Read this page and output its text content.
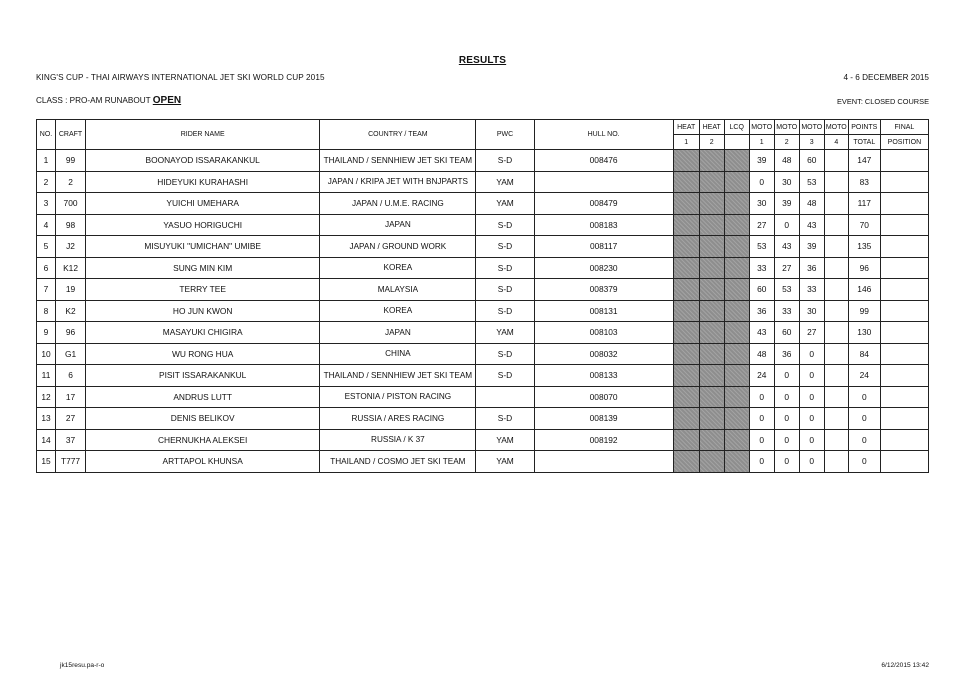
RESULTS
KING'S CUP - THAI AIRWAYS INTERNATIONAL JET SKI WORLD CUP 2015	4 - 6 DECEMBER 2015
CLASS : PRO-AM RUNABOUT OPEN	EVENT: CLOSED COURSE
NO.	CRAFT	RIDER NAME	COUNTRY / TEAM	PWC	HULL NO.	HEAT	HEAT	LCQ	MOTO	MOTO	MOTO	MOTO	POINTS	FINAL
						1	2		1	2	3	4	TOTAL	POSITION
1	99	BOONAYOD ISSARAKANKUL	THAILAND / SENNHIEW JET SKI TEAM	S-D	008476				39	48	60		147	
2	2	HIDEYUKI KURAHASHI	JAPAN / KRIPA JET WITH BNJPARTS	YAM					0	30	53		83	
3	700	YUICHI UMEHARA	JAPAN / U.M.E. RACING	YAM	008479				30	39	48		117	
4	98	YASUO HORIGUCHI	JAPAN	S-D	008183				27	0	43		70	
5	J2	MISUYUKI "UMICHAN" UMIBE	JAPAN / GROUND WORK	S-D	008117				53	43	39		135	
6	K12	SUNG MIN KIM	KOREA	S-D	008230				33	27	36		96	
7	19	TERRY TEE	MALAYSIA	S-D	008379				60	53	33		146	
8	K2	HO JUN KWON	KOREA	S-D	008131				36	33	30		99	
9	96	MASAYUKI CHIGIRA	JAPAN	YAM	008103				43	60	27		130	
10	G1	WU RONG HUA	CHINA	S-D	008032				48	36	0		84	
11	6	PISIT ISSARAKANKUL	THAILAND / SENNHIEW JET SKI TEAM	S-D	008133				24	0	0		24	
12	17	ANDRUS LUTT	ESTONIA / PISTON RACING		008070				0	0	0		0	
13	27	DENIS BELIKOV	RUSSIA / ARES RACING	S-D	008139				0	0	0		0	
14	37	CHERNUKHA ALEKSEI	RUSSIA / K 37	YAM	008192				0	0	0		0	
15	T777	ARTTAPOL KHUNSA	THAILAND / COSMO JET SKI TEAM	YAM					0	0	0		0	
jk15resu.pa-r-o	6/12/2015 13:42
